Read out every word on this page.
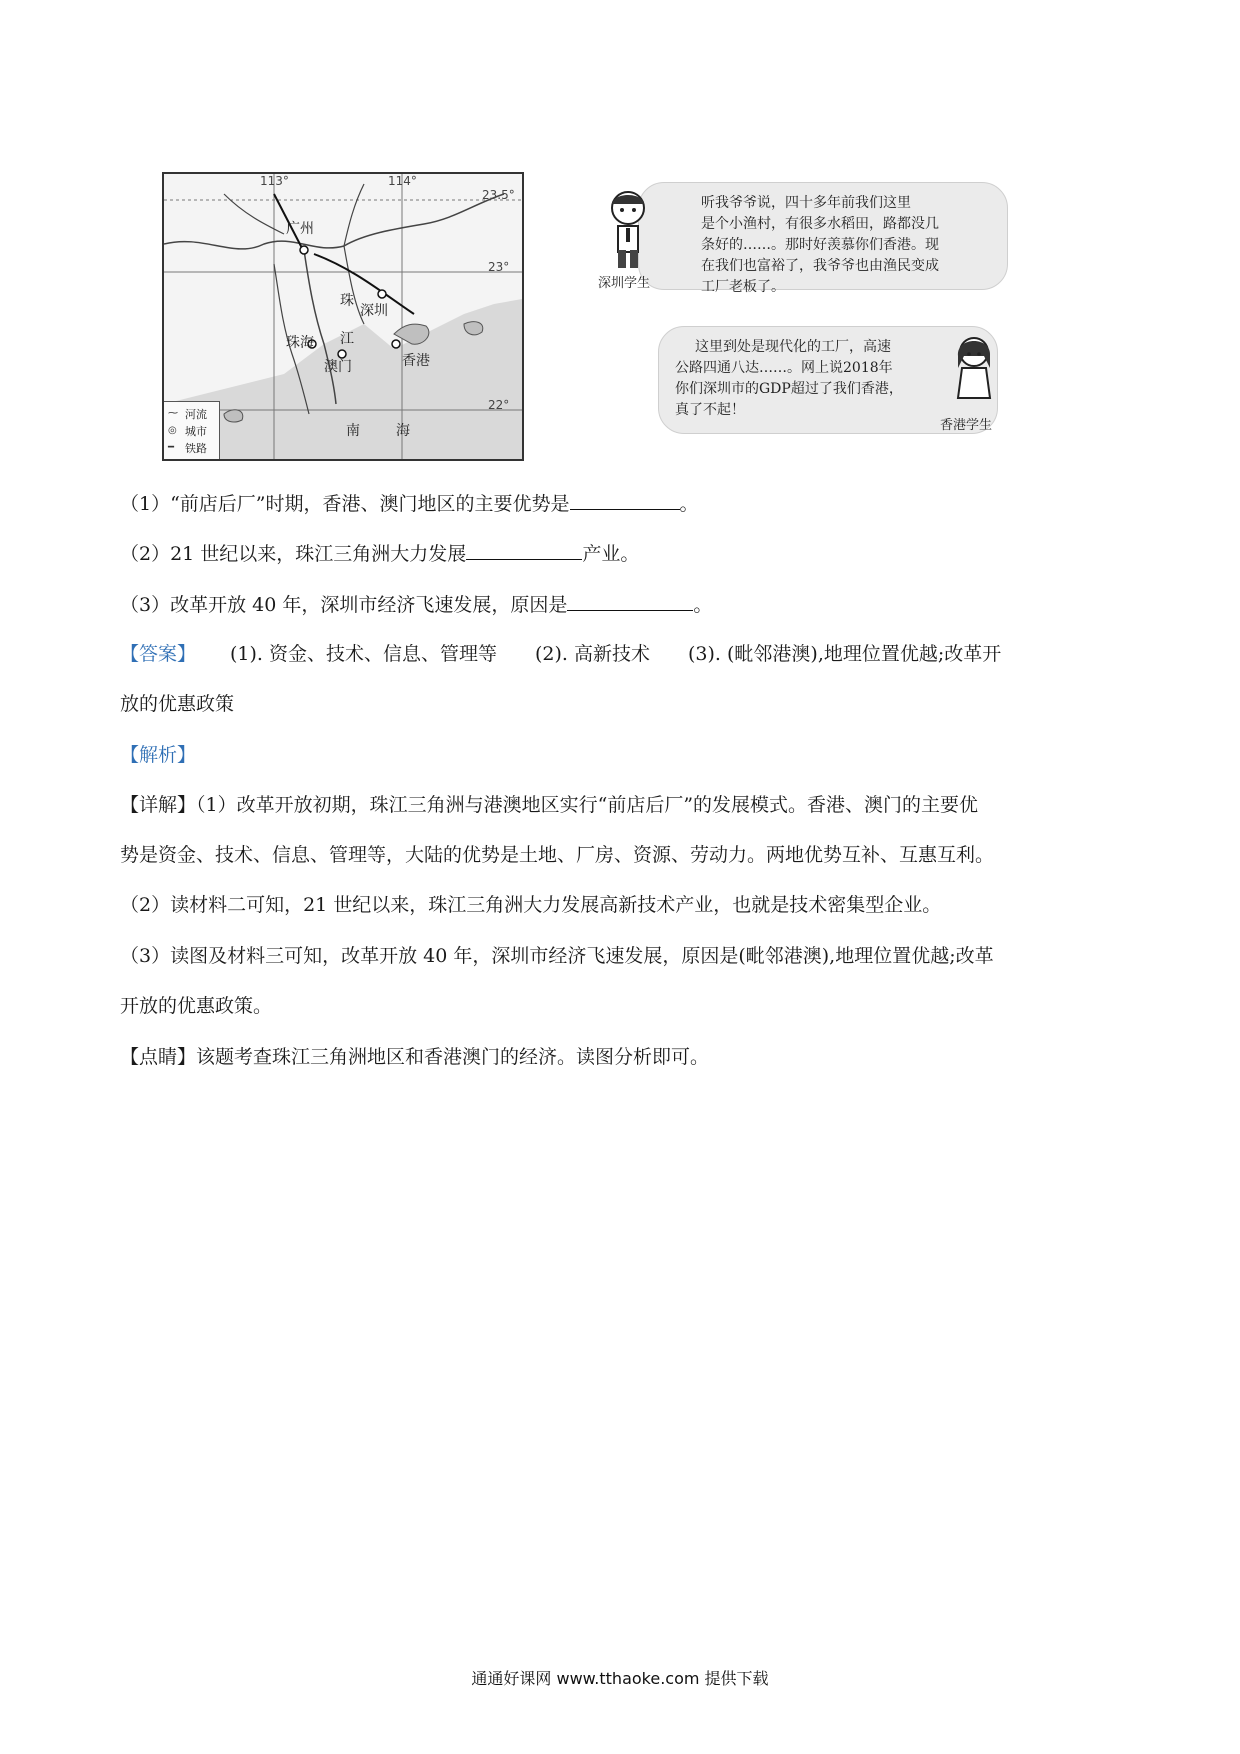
113°	114°
23.5°
23°
22°
广州
珠
深圳
江
珠海
澳门	香港
南	海
⁓ 河流
◎ 城市
━ 铁路
听我爷爷说，四十多年前我们这里
是个小渔村，有很多水稻田，路都没几
条好的……。那时好羡慕你们香港。现
在我们也富裕了，我爷爷也由渔民变成
工厂老板了。
深圳学生
这里到处是现代化的工厂，高速
公路四通八达……。网上说2018年
你们深圳市的GDP超过了我们香港，
真了不起！
香港学生
（1）“前店后厂”时期，香港、澳门地区的主要优势是	。
（2）21 世纪以来，珠江三角洲大力发展	产业。
（3）改革开放 40 年，深圳市经济飞速发展，原因是	。
【答案】 (1). 资金、技术、信息、管理等 (2). 高新技术 (3). (毗邻港澳),地理位置优越;改革开
放的优惠政策
【解析】
【详解】（1）改革开放初期，珠江三角洲与港澳地区实行“前店后厂”的发展模式。香港、澳门的主要优
势是资金、技术、信息、管理等，大陆的优势是土地、厂房、资源、劳动力。两地优势互补、互惠互利。
（2）读材料二可知，21 世纪以来，珠江三角洲大力发展高新技术产业，也就是技术密集型企业。
（3）读图及材料三可知，改革开放 40 年，深圳市经济飞速发展，原因是(毗邻港澳),地理位置优越;改革
开放的优惠政策。
【点睛】该题考查珠江三角洲地区和香港澳门的经济。读图分析即可。
通通好课网 www.tthaoke.com 提供下载
